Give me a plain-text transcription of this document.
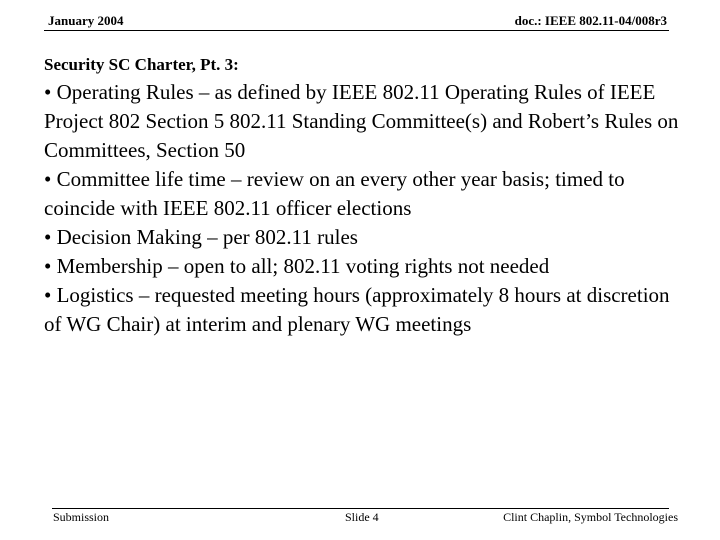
January 2004	doc.: IEEE 802.11-04/008r3
Security SC Charter, Pt. 3:
• Operating Rules – as defined by IEEE 802.11 Operating Rules of IEEE Project 802 Section 5 802.11 Standing Committee(s) and Robert’s Rules on Committees, Section 50
• Committee life time – review on an every other year basis; timed to coincide with IEEE 802.11 officer elections
• Decision Making – per 802.11 rules
• Membership – open to all; 802.11 voting rights not needed
• Logistics – requested meeting hours (approximately 8 hours at discretion of WG Chair) at interim and plenary WG meetings
Submission	Slide 4	Clint Chaplin, Symbol Technologies
